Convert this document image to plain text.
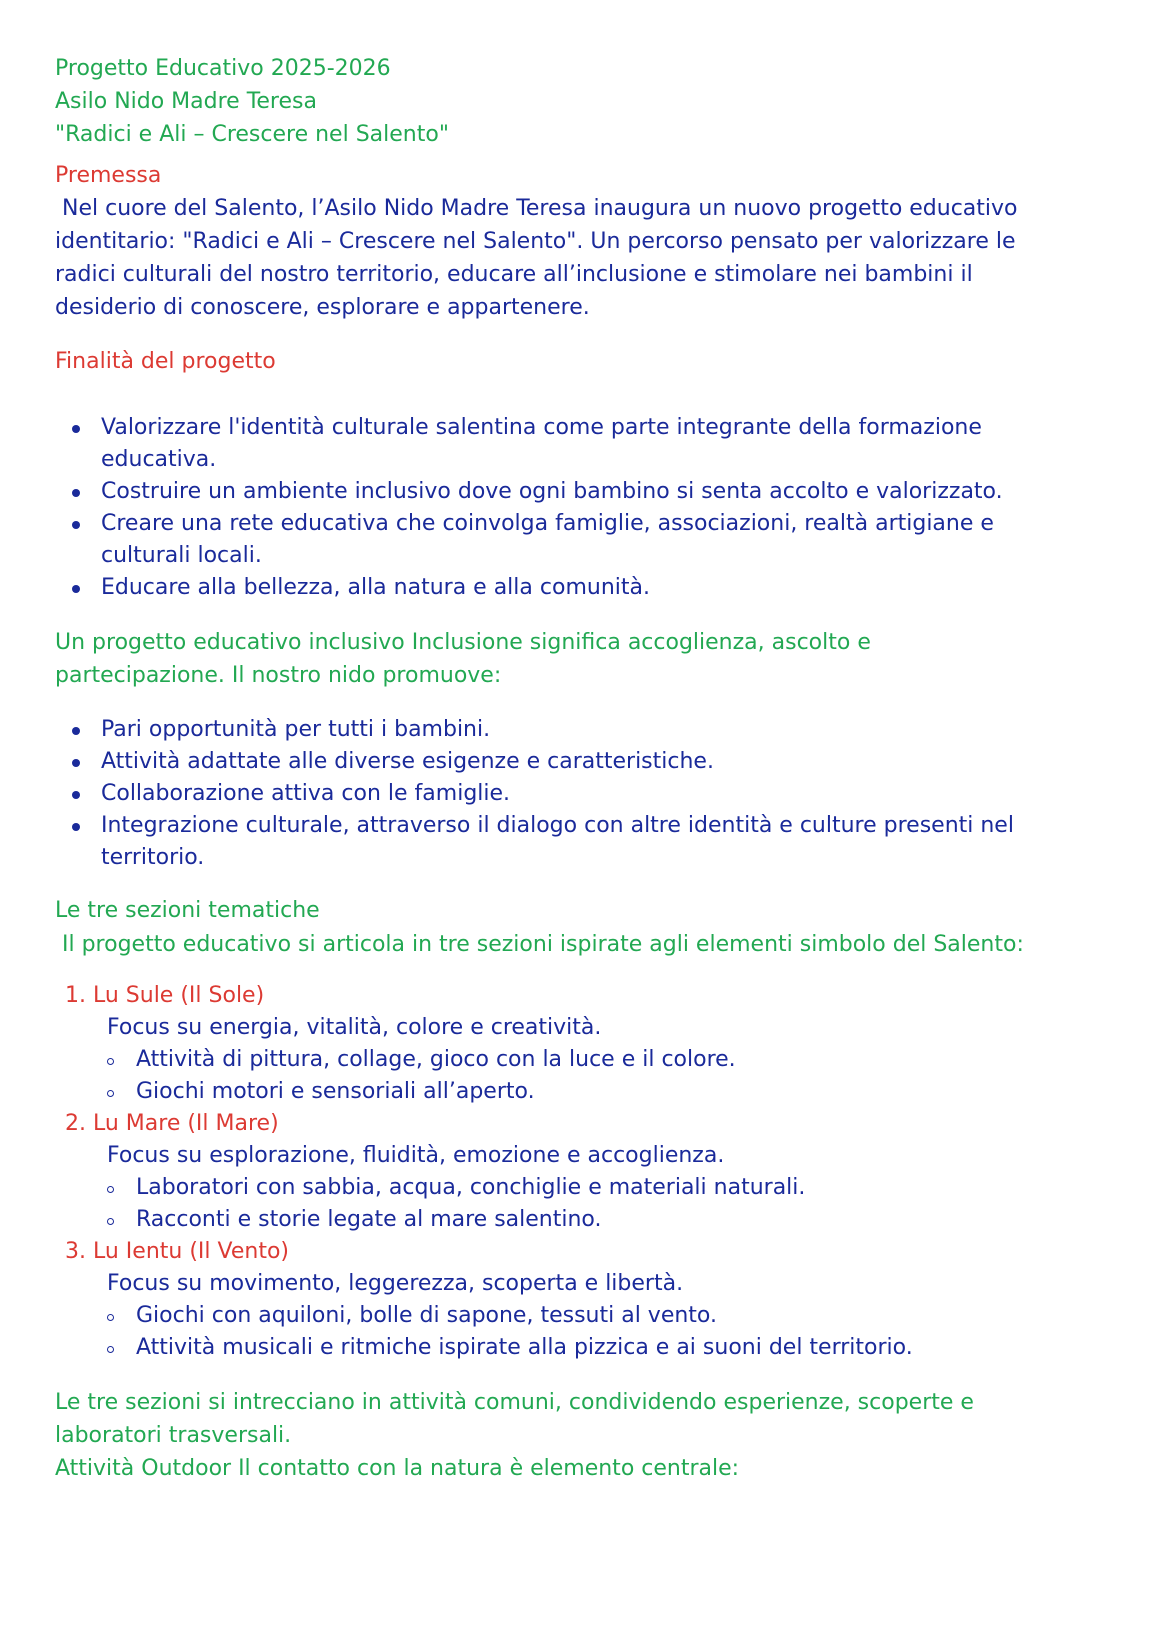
Progetto Educativo 2025-2026

Asilo Nido Madre Teresa

"Radici e Ali – Crescere nel Salento"

Premessa

Nel cuore del Salento, l’Asilo Nido Madre Teresa inaugura un nuovo progetto educativo identitario: "Radici e Ali – Crescere nel Salento". Un percorso pensato per valorizzare le radici culturali del nostro territorio, educare all’inclusione e stimolare nei bambini il desiderio di conoscere, esplorare e appartenere.

Finalità del progetto

Valorizzare l'identità culturale salentina come parte integrante della formazione educativa.
Costruire un ambiente inclusivo dove ogni bambino si senta accolto e valorizzato.
Creare una rete educativa che coinvolga famiglie, associazioni, realtà artigiane e culturali locali.
Educare alla bellezza, alla natura e alla comunità.

Un progetto educativo inclusivo Inclusione significa accoglienza, ascolto e partecipazione. Il nostro nido promuove:

Pari opportunità per tutti i bambini.
Attività adattate alle diverse esigenze e caratteristiche.
Collaborazione attiva con le famiglie.
Integrazione culturale, attraverso il dialogo con altre identità e culture presenti nel territorio.

Le tre sezioni tematiche

Il progetto educativo si articola in tre sezioni ispirate agli elementi simbolo del Salento:

1. Lu Sule (Il Sole)

Focus su energia, vitalità, colore e creatività.

Attività di pittura, collage, gioco con la luce e il colore.
Giochi motori e sensoriali all’aperto.

2. Lu Mare (Il Mare)

Focus su esplorazione, fluidità, emozione e accoglienza.

Laboratori con sabbia, acqua, conchiglie e materiali naturali.
Racconti e storie legate al mare salentino.

3. Lu Ientu (Il Vento)

Focus su movimento, leggerezza, scoperta e libertà.

Giochi con aquiloni, bolle di sapone, tessuti al vento.
Attività musicali e ritmiche ispirate alla pizzica e ai suoni del territorio.

Le tre sezioni si intrecciano in attività comuni, condividendo esperienze, scoperte e laboratori trasversali.

Attività Outdoor Il contatto con la natura è elemento centrale:
